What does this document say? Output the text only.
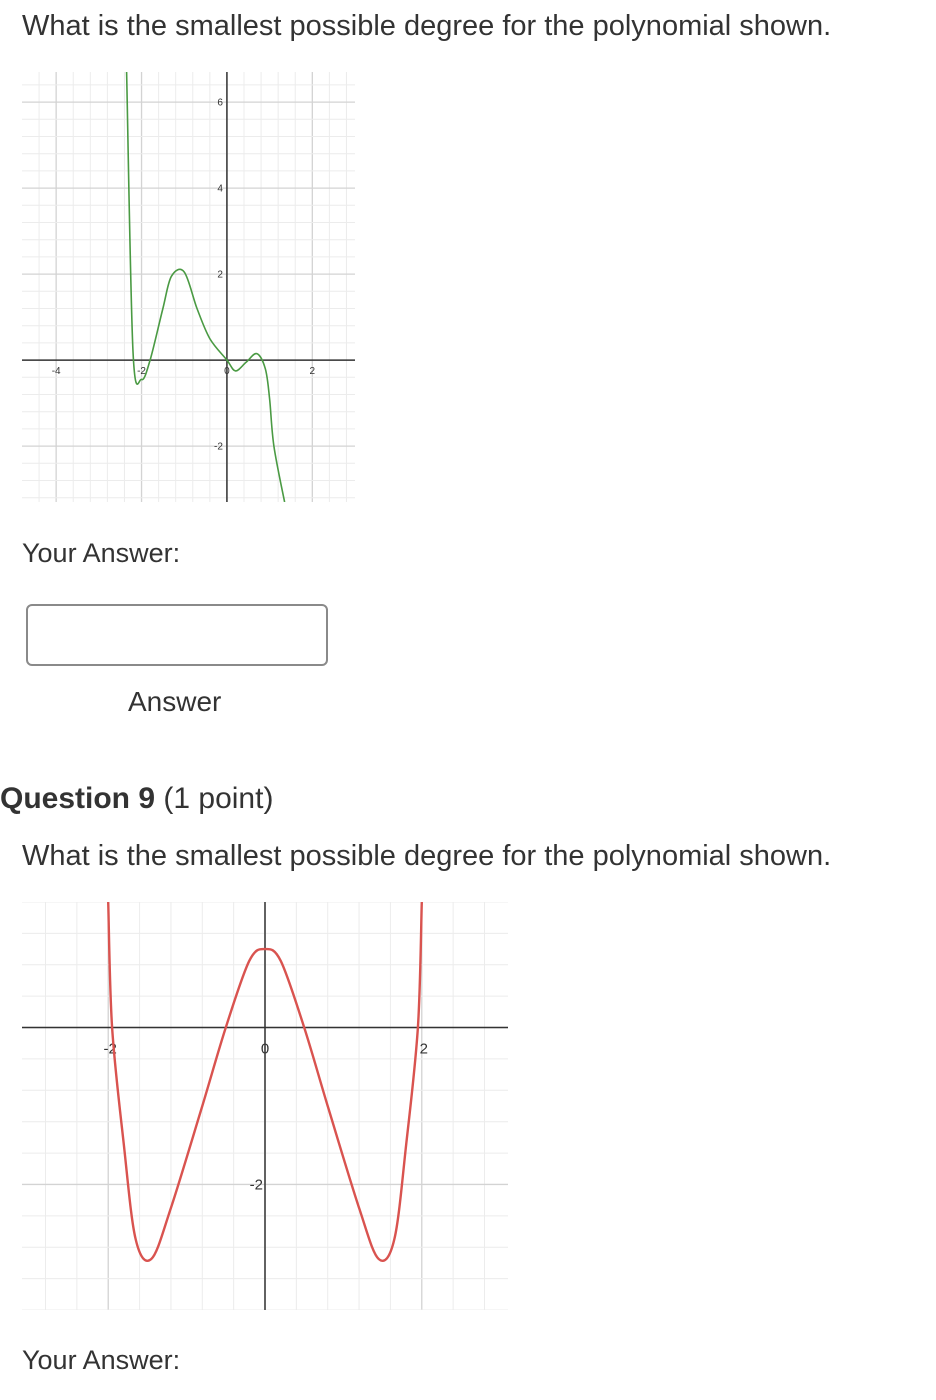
What is the smallest possible degree for the polynomial shown.
-4	-2	0	2
6
4
2
-2
Your Answer:
Answer
Question 9 (1 point)
What is the smallest possible degree for the polynomial shown.
-2	0	2
-2
Your Answer:
